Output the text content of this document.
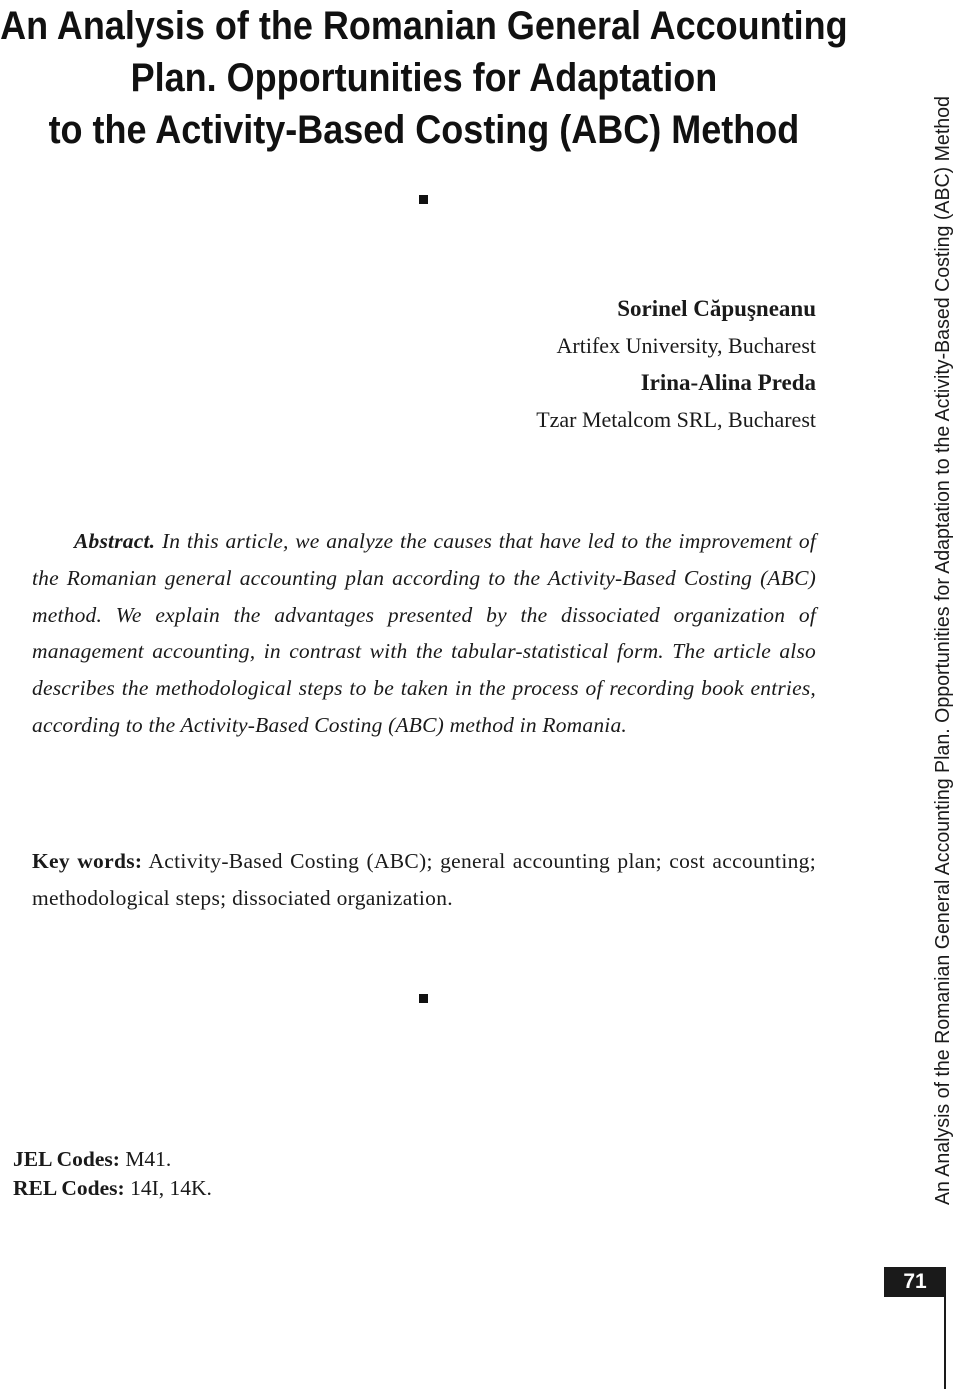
An Analysis of the Romanian General Accounting
Plan. Opportunities for Adaptation
to the Activity-Based Costing (ABC) Method
Sorinel Căpuşneanu
Artifex University, Bucharest
Irina-Alina Preda
Tzar Metalcom SRL, Bucharest

Abstract. In this article, we analyze the causes that have led to the improvement of the Romanian general accounting plan according to the Activity-Based Costing (ABC) method. We explain the advantages presented by the dissociated organization of management accounting, in contrast with the tabular-statistical form. The article also describes the methodological steps to be taken in the process of recording book entries, according to the Activity-Based Costing (ABC) method in Romania.

Key words: Activity-Based Costing (ABC); general accounting plan; cost accounting; methodological steps; dissociated organization.

JEL Codes: M41.
REL Codes: 14I, 14K.	An Analysis of the Romanian General Accounting Plan. Opportunities for Adaptation to the Activity-Based Costing (ABC) Method
71
